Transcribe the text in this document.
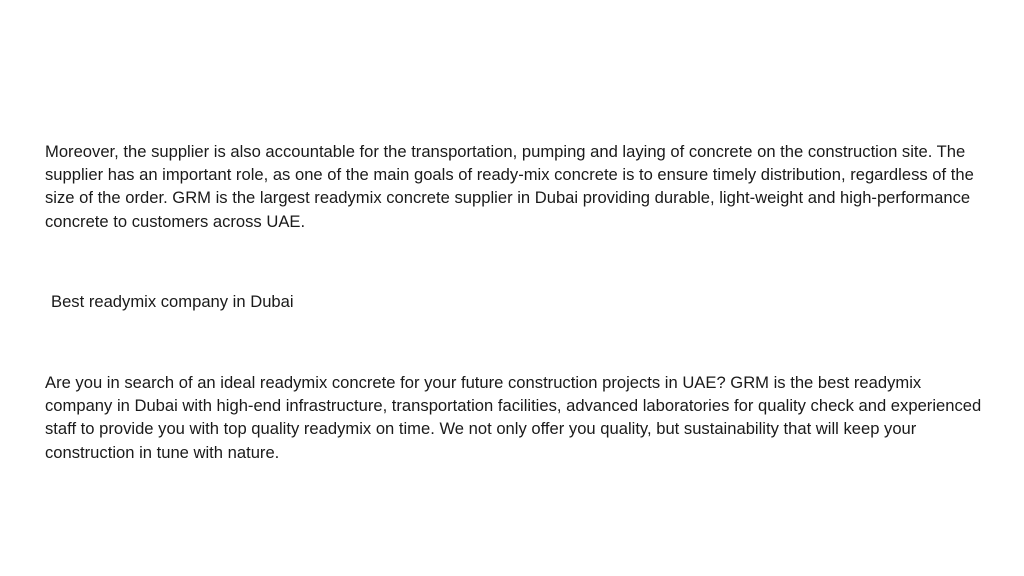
Moreover, the supplier is also accountable for the transportation, pumping and laying of concrete on the construction site. The supplier has an important role, as one of the main goals of ready-mix concrete is to ensure timely distribution, regardless of the size of the order. GRM is the largest readymix concrete supplier in Dubai providing durable, light-weight and high-performance concrete to customers across UAE.

Best readymix company in Dubai

Are you in search of an ideal readymix concrete for your future construction projects in UAE? GRM is the best readymix company in Dubai with high-end infrastructure, transportation facilities, advanced laboratories for quality check and experienced staff to provide you with top quality readymix on time. We not only offer you quality, but sustainability that will keep your construction in tune with nature.
